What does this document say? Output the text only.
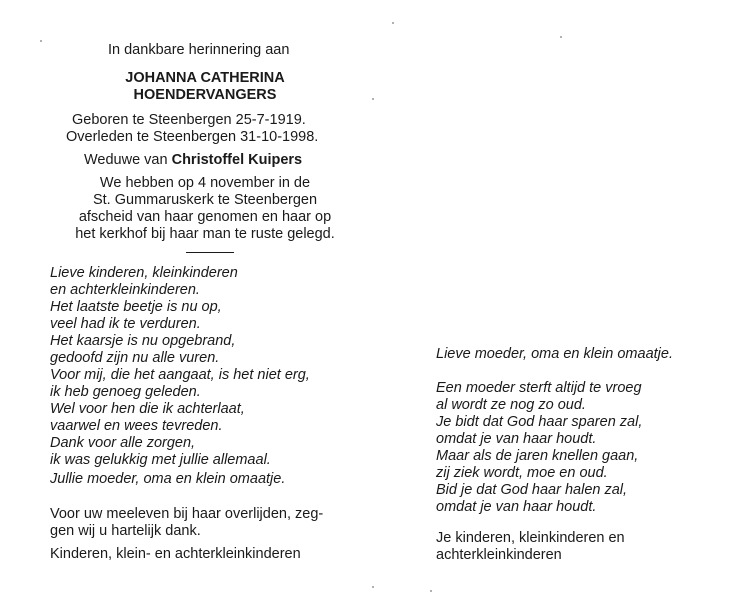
In dankbare herinnering aan
JOHANNA CATHERINA
HOENDERVANGERS
Geboren te Steenbergen 25-7-1919.
Overleden te Steenbergen 31-10-1998.
Weduwe van Christoffel Kuipers
We hebben op 4 november in de
St. Gummaruskerk te Steenbergen
afscheid van haar genomen en haar op
het kerkhof bij haar man te ruste gelegd.
Lieve kinderen, kleinkinderen
en achterkleinkinderen.
Het laatste beetje is nu op,
veel had ik te verduren.
Het kaarsje is nu opgebrand,
gedoofd zijn nu alle vuren.
Voor mij, die het aangaat, is het niet erg,
ik heb genoeg geleden.
Wel voor hen die ik achterlaat,
vaarwel en wees tevreden.
Dank voor alle zorgen,
ik was gelukkig met jullie allemaal.
Jullie moeder, oma en klein omaatje.
Voor uw meeleven bij haar overlijden, zeg-
gen wij u hartelijk dank.
Kinderen, klein- en achterkleinkinderen
Lieve moeder, oma en klein omaatje.
Een moeder sterft altijd te vroeg
al wordt ze nog zo oud.
Je bidt dat God haar sparen zal,
omdat je van haar houdt.
Maar als de jaren knellen gaan,
zij ziek wordt, moe en oud.
Bid je dat God haar halen zal,
omdat je van haar houdt.
Je kinderen, kleinkinderen en
achterkleinkinderen
